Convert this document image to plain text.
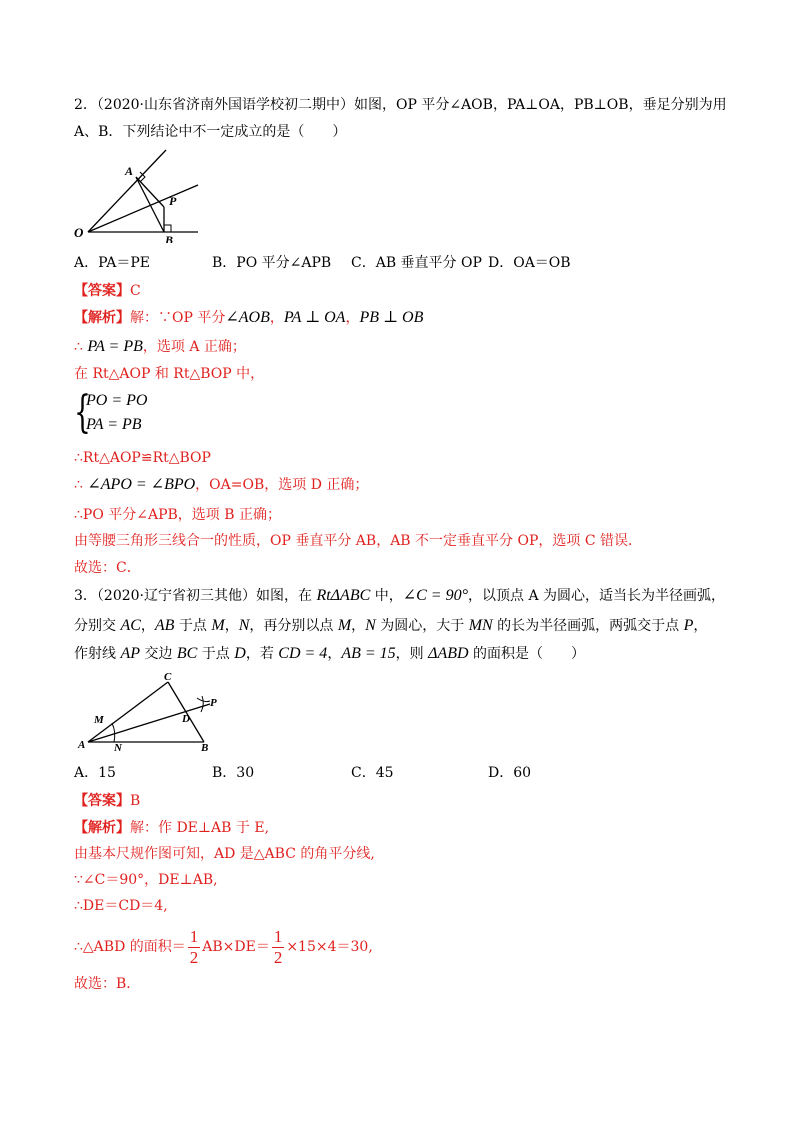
2．（2020·山东省济南外国语学校初二期中）如图，OP 平分∠AOB，PA⊥OA，PB⊥OB，垂足分别为用
A、B．下列结论中不一定成立的是（　　）
A
P
O	B
A．PA＝PE	B．PO 平分∠APB C．AB 垂直平分 OP D．OA＝OB
【答案】C
【解析】解：∵OP 平分∠AOB，PA ⊥ OA，PB ⊥ OB
∴ PA = PB，选项 A 正确；
在 Rt△AOP 和 Rt△BOP 中，
{
PO = PO
PA = PB
∴Rt△AOP≌Rt△BOP
∴ ∠APO = ∠BPO，OA=OB，选项 D 正确；
∴PO 平分∠APB，选项 B 正确；
由等腰三角形三线合一的性质，OP 垂直平分 AB，AB 不一定垂直平分 OP，选项 C 错误．
故选：C．
3．（2020·辽宁省初三其他）如图，在 RtΔABC 中，∠C = 90°，以顶点 A 为圆心，适当长为半径画弧，
分别交 AC，AB 于点 M，N，再分别以点 M，N 为圆心，大于 MN 的长为半径画弧，两弧交于点 P，
作射线 AP 交边 BC 于点 D，若 CD = 4，AB = 15，则 ΔABD 的面积是（　　）
C
P
M	D
A	N	B
A．15	B．30	C．45	D．60
【答案】B
【解析】解：作 DE⊥AB 于 E,
由基本尺规作图可知，AD 是△ABC 的角平分线,
∵∠C＝90°，DE⊥AB,
∴DE＝CD＝4,
∴△ABD 的面积＝ $\frac{1}{2} AB\times DE= \frac{1}{2} \times 15\times 4=30$,
故选：B．
